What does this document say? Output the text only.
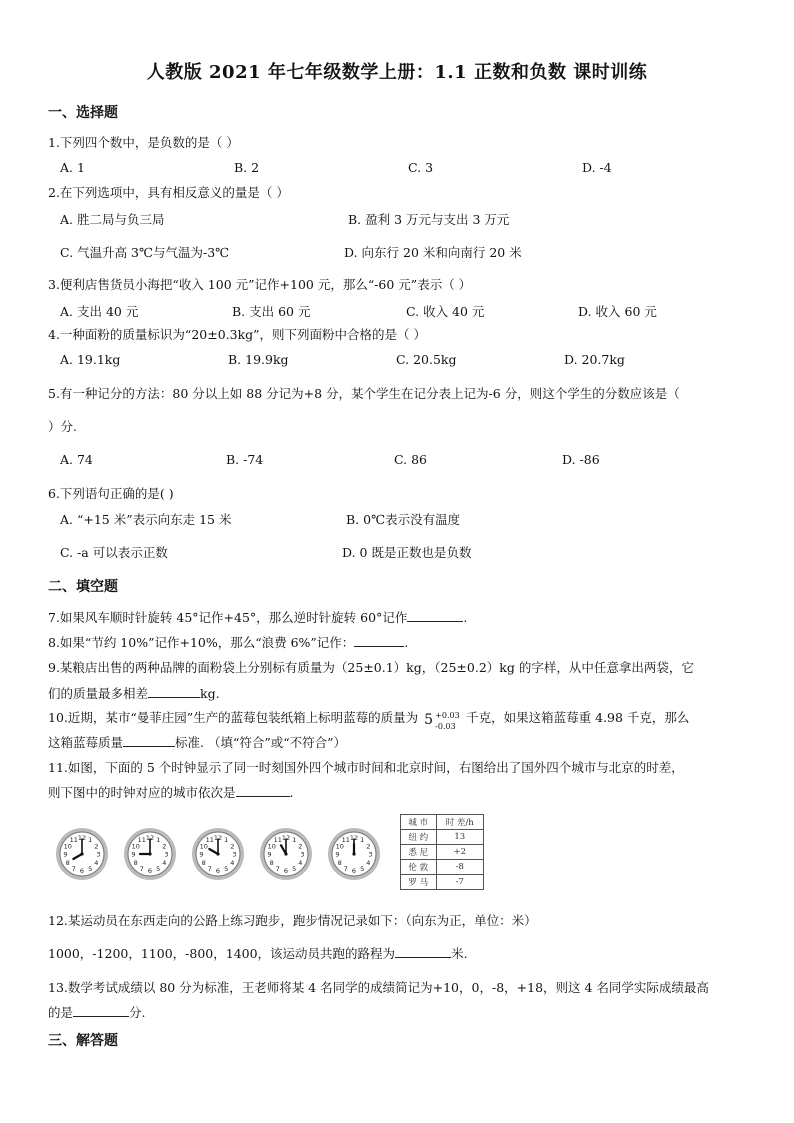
人教版 2021 年七年级数学上册：1.1 正数和负数 课时训练
一、选择题
1.下列四个数中，是负数的是（ ）
A. 1	B. 2	C. 3	D. -4
2.在下列选项中，具有相反意义的量是（ ）
A. 胜二局与负三局	B. 盈利 3 万元与支出 3 万元
C. 气温升高 3℃与气温为-3℃	D. 向东行 20 米和向南行 20 米
3.便利店售货员小海把“收入 100 元”记作+100 元，那么“-60 元”表示（ ）
A. 支出 40 元	B. 支出 60 元	C. 收入 40 元	D. 收入 60 元
4.一种面粉的质量标识为“20±0.3kg”，则下列面粉中合格的是（ ）
A. 19.1kg	B. 19.9kg	C. 20.5kg	D. 20.7kg
5.有一种记分的方法：80 分以上如 88 分记为+8 分，某个学生在记分表上记为-6 分，则这个学生的分数应该是（
）分.
A. 74	B. -74	C. 86	D. -86
6.下列语句正确的是( )
A. “+15 米”表示向东走 15 米	B. 0℃表示没有温度
C. -a 可以表示正数	D. 0 既是正数也是负数
二、填空题
7.如果风车顺时针旋转 45°记作+45°，那么逆时针旋转 60°记作	.
8.如果“节约 10%”记作+10%，那么“浪费 6%”记作：	.
9.某粮店出售的两种品牌的面粉袋上分别标有质量为（25±0.1）kg，（25±0.2）kg 的字样，从中任意拿出两袋，它
们的质量最多相差	kg.
10.近期，某市“曼菲庄园”生产的蓝莓包装纸箱上标明蓝莓的质量为 5 +0.03
-0.03
千克，如果这箱蓝莓重 4.98 千克，那么
这箱蓝莓质量	标准. （填“符合”或“不符合”）
11.如图，下面的 5 个时钟显示了同一时刻国外四个城市时间和北京时间，右图给出了国外四个城市与北京的时差，
则下图中的时钟对应的城市依次是	.
1
2
3
4
5
6
7
8
9
10
11 12	1
2
3
4
5
6
7
8
9
10
11 12	1
2
3
4
5
6
7
8
9
10
11 12	1
2
3
4
5
6
7
8
9
10
11 12	1
2
3
4
5
6
7
8
9
10
11 12
城 市	时 差/h
纽 约	13
悉 尼	+2
伦 敦	-8
罗 马	-7
12.某运动员在东西走向的公路上练习跑步，跑步情况记录如下：（向东为正，单位：米）
1000，-1200，1100，-800，1400，该运动员共跑的路程为	米.
13.数学考试成绩以 80 分为标准，王老师将某 4 名同学的成绩简记为+10，0，-8，+18，则这 4 名同学实际成绩最高
的是	分.
三、解答题
